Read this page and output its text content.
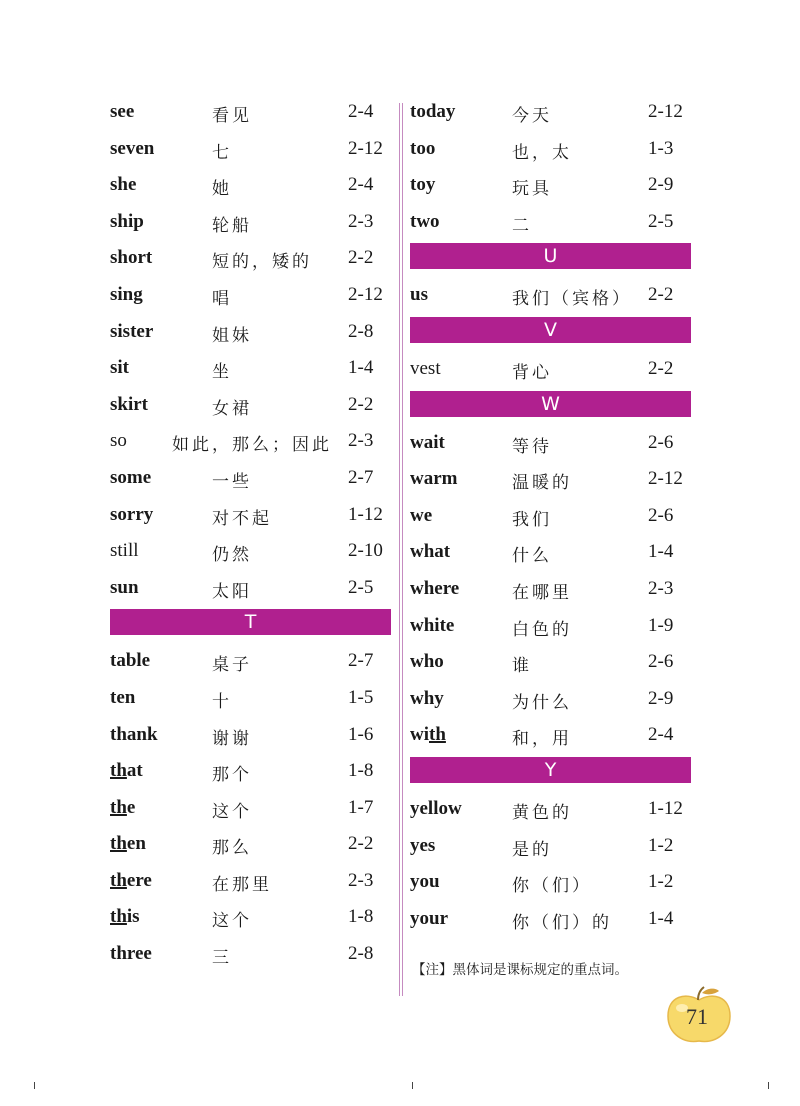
see	看见	2-4
seven	七	2-12
she	她	2-4
ship	轮船	2-3
short	短的，矮的 2-2
sing	唱	2-12
sister	姐妹	2-8
sit	坐	1-4
skirt	女裙	2-2
so	如此，那么；因此 2-3
some	一些	2-7
sorry	对不起	1-12
still	仍然	2-10
sun	太阳	2-5
T
table	桌子	2-7
ten	十	1-5
thank	谢谢	1-6
that	那个	1-8
the	这个	1-7
then	那么	2-2
there	在那里	2-3
this	这个	1-8
three	三	2-8
today	今天	2-12
too	也，太	1-3
toy	玩具	2-9
two	二	2-5
U
us	我们（宾格） 2-2
V
vest	背心	2-2
W
wait	等待	2-6
warm	温暖的	2-12
we	我们	2-6
what	什么	1-4
where	在哪里	2-3
white	白色的	1-9
who	谁	2-6
why	为什么	2-9
with	和，用	2-4
Y
yellow	黄色的	1-12
yes	是的	1-2
you	你（们）	1-2
your	你（们）的 1-4
【注】黑体词是课标规定的重点词。
71
